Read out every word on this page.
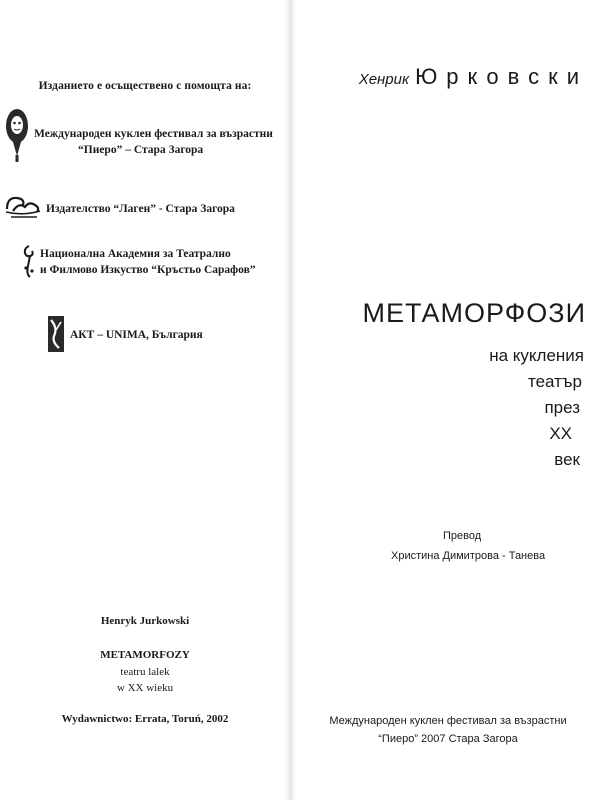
Изданието е осъществено с помощта на:
Международен куклен фестивал за възрастни
“Пиеро” – Стара Загора
Издателство “Лаген” - Стара Загора
Национална Академия за Театрално
и Филмово Изкуство “Кръстьо Сарафов”
АКТ – UNIMA, България
Henryk Jurkowski
METAMORFOZY
teatru lalek
w XX wieku
Wydawnictwo: Errata, Toruń, 2002
Хенрик Юрковски
МЕТАМОРФОЗИ
на кукления
театър
през
XX
век
Превод
Христина Димитрова - Танева
Международен куклен фестивал за възрастни
“Пиеро” 2007 Стара Загора
